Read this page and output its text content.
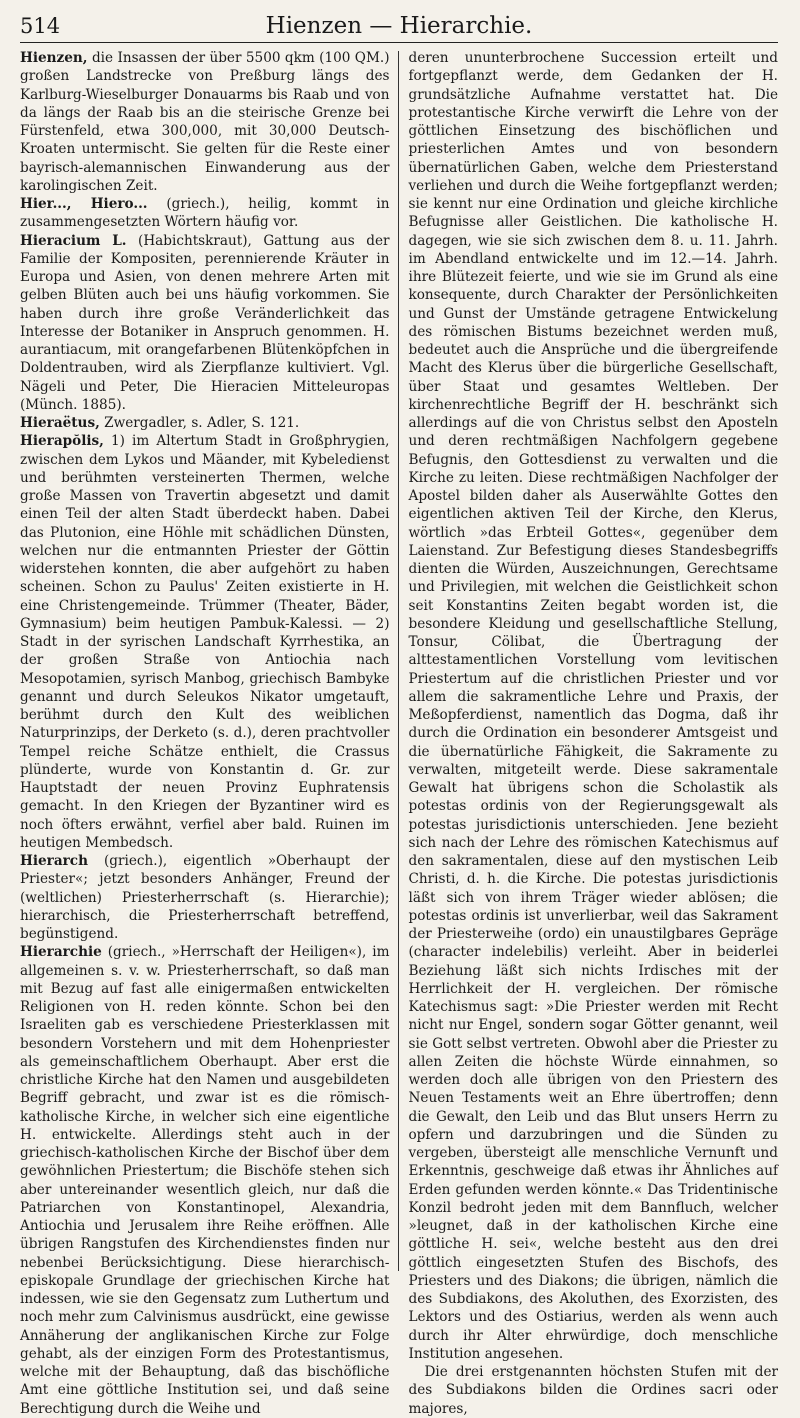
514	Hienzen — Hierarchie.

Hienzen, die Insassen der über 5500 qkm (100 QM.) großen Landstrecke von Preßburg längs des Karlburg-Wieselburger Donauarms bis Raab und von da längs der Raab bis an die steirische Grenze bei Fürstenfeld, etwa 300,000, mit 30,000 Deutsch-Kroaten untermischt. Sie gelten für die Reste einer bayrisch-alemannischen Einwanderung aus der karolingischen Zeit.

Hier..., Hiero... (griech.), heilig, kommt in zusammengesetzten Wörtern häufig vor.

Hieracium L. (Habichtskraut), Gattung aus der Familie der Kompositen, perennierende Kräuter in Europa und Asien, von denen mehrere Arten mit gelben Blüten auch bei uns häufig vorkommen. Sie haben durch ihre große Veränderlichkeit das Interesse der Botaniker in Anspruch genommen. H. aurantiacum, mit orangefarbenen Blütenköpfchen in Doldentrauben, wird als Zierpflanze kultiviert. Vgl. Nägeli und Peter, Die Hieracien Mitteleuropas (Münch. 1885).

Hieraëtus, Zwergadler, s. Adler, S. 121.

Hierapŏlis, 1) im Altertum Stadt in Großphrygien, zwischen dem Lykos und Mäander, mit Kybeledienst und berühmten versteinerten Thermen, welche große Massen von Travertin abgesetzt und damit einen Teil der alten Stadt überdeckt haben. Dabei das Plutonion, eine Höhle mit schädlichen Dünsten, welchen nur die entmannten Priester der Göttin widerstehen konnten, die aber aufgehört zu haben scheinen. Schon zu Paulus' Zeiten existierte in H. eine Christengemeinde. Trümmer (Theater, Bäder, Gymnasium) beim heutigen Pambuk-Kalessi. — 2) Stadt in der syrischen Landschaft Kyrrhestika, an der großen Straße von Antiochia nach Mesopotamien, syrisch Manbog, griechisch Bambyke genannt und durch Seleukos Nikator umgetauft, berühmt durch den Kult des weiblichen Naturprinzips, der Derketo (s. d.), deren prachtvoller Tempel reiche Schätze enthielt, die Crassus plünderte, wurde von Konstantin d. Gr. zur Hauptstadt der neuen Provinz Euphratensis gemacht. In den Kriegen der Byzantiner wird es noch öfters erwähnt, verfiel aber bald. Ruinen im heutigen Membedsch.

Hierarch (griech.), eigentlich »Oberhaupt der Priester«; jetzt besonders Anhänger, Freund der (weltlichen) Priesterherrschaft (s. Hierarchie); hierarchisch, die Priesterherrschaft betreffend, begünstigend.

Hierarchie (griech., »Herrschaft der Heiligen«), im allgemeinen s. v. w. Priesterherrschaft, so daß man mit Bezug auf fast alle einigermaßen entwickelten Religionen von H. reden könnte. Schon bei den Israeliten gab es verschiedene Priesterklassen mit besondern Vorstehern und mit dem Hohenpriester als gemeinschaftlichem Oberhaupt. Aber erst die christliche Kirche hat den Namen und ausgebildeten Begriff gebracht, und zwar ist es die römisch-katholische Kirche, in welcher sich eine eigentliche H. entwickelte. Allerdings steht auch in der griechisch-katholischen Kirche der Bischof über dem gewöhnlichen Priestertum; die Bischöfe stehen sich aber untereinander wesentlich gleich, nur daß die Patriarchen von Konstantinopel, Alexandria, Antiochia und Jerusalem ihre Reihe eröffnen. Alle übrigen Rangstufen des Kirchendienstes finden nur nebenbei Berücksichtigung. Diese hierarchisch-episkopale Grundlage der griechischen Kirche hat indessen, wie sie den Gegensatz zum Luthertum und noch mehr zum Calvinismus ausdrückt, eine gewisse Annäherung der anglikanischen Kirche zur Folge gehabt, als der einzigen Form des Protestantismus, welche mit der Behauptung, daß das bischöfliche Amt eine göttliche Institution sei, und daß seine Berechtigung durch die Weihe und

deren ununterbrochene Succession erteilt und fortgepflanzt werde, dem Gedanken der H. grundsätzliche Aufnahme verstattet hat. Die protestantische Kirche verwirft die Lehre von der göttlichen Einsetzung des bischöflichen und priesterlichen Amtes und von besondern übernatürlichen Gaben, welche dem Priesterstand verliehen und durch die Weihe fortgepflanzt werden; sie kennt nur eine Ordination und gleiche kirchliche Befugnisse aller Geistlichen. Die katholische H. dagegen, wie sie sich zwischen dem 8. u. 11. Jahrh. im Abendland entwickelte und im 12.—14. Jahrh. ihre Blütezeit feierte, und wie sie im Grund als eine konsequente, durch Charakter der Persönlichkeiten und Gunst der Umstände getragene Entwickelung des römischen Bistums bezeichnet werden muß, bedeutet auch die Ansprüche und die übergreifende Macht des Klerus über die bürgerliche Gesellschaft, über Staat und gesamtes Weltleben. Der kirchenrechtliche Begriff der H. beschränkt sich allerdings auf die von Christus selbst den Aposteln und deren rechtmäßigen Nachfolgern gegebene Befugnis, den Gottesdienst zu verwalten und die Kirche zu leiten. Diese rechtmäßigen Nachfolger der Apostel bilden daher als Auserwählte Gottes den eigentlichen aktiven Teil der Kirche, den Klerus, wörtlich »das Erbteil Gottes«, gegenüber dem Laienstand. Zur Befestigung dieses Standesbegriffs dienten die Würden, Auszeichnungen, Gerechtsame und Privilegien, mit welchen die Geistlichkeit schon seit Konstantins Zeiten begabt worden ist, die besondere Kleidung und gesellschaftliche Stellung, Tonsur, Cölibat, die Übertragung der alttestamentlichen Vorstellung vom levitischen Priestertum auf die christlichen Priester und vor allem die sakramentliche Lehre und Praxis, der Meßopferdienst, namentlich das Dogma, daß ihr durch die Ordination ein besonderer Amtsgeist und die übernatürliche Fähigkeit, die Sakramente zu verwalten, mitgeteilt werde. Diese sakramentale Gewalt hat übrigens schon die Scholastik als potestas ordinis von der Regierungsgewalt als potestas jurisdictionis unterschieden. Jene bezieht sich nach der Lehre des römischen Katechismus auf den sakramentalen, diese auf den mystischen Leib Christi, d. h. die Kirche. Die potestas jurisdictionis läßt sich von ihrem Träger wieder ablösen; die potestas ordinis ist unverlierbar, weil das Sakrament der Priesterweihe (ordo) ein unaustilgbares Gepräge (character indelebilis) verleiht. Aber in beiderlei Beziehung läßt sich nichts Irdisches mit der Herrlichkeit der H. vergleichen. Der römische Katechismus sagt: »Die Priester werden mit Recht nicht nur Engel, sondern sogar Götter genannt, weil sie Gott selbst vertreten. Obwohl aber die Priester zu allen Zeiten die höchste Würde einnahmen, so werden doch alle übrigen von den Priestern des Neuen Testaments weit an Ehre übertroffen; denn die Gewalt, den Leib und das Blut unsers Herrn zu opfern und darzubringen und die Sünden zu vergeben, übersteigt alle menschliche Vernunft und Erkenntnis, geschweige daß etwas ihr Ähnliches auf Erden gefunden werden könnte.« Das Tridentinische Konzil bedroht jeden mit dem Bannfluch, welcher »leugnet, daß in der katholischen Kirche eine göttliche H. sei«, welche besteht aus den drei göttlich eingesetzten Stufen des Bischofs, des Priesters und des Diakons; die übrigen, nämlich die des Subdiakons, des Akoluthen, des Exorzisten, des Lektors und des Ostiarius, werden als wenn auch durch ihr Alter ehrwürdige, doch menschliche Institution angesehen.

Die drei erstgenannten höchsten Stufen mit der des Subdiakons bilden die Ordines sacri oder majores,
